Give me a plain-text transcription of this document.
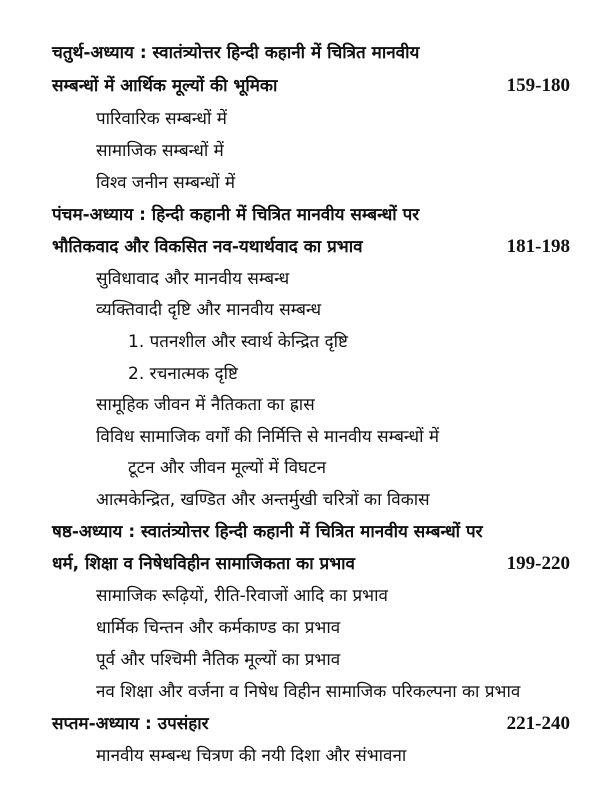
चतुर्थ-अध्याय : स्वातंत्र्योत्तर हिन्दी कहानी में चित्रित मानवीय
सम्बन्धों में आर्थिक मूल्यों की भूमिका	159-180
पारिवारिक सम्बन्धों में
सामाजिक सम्बन्धों में
विश्व जनीन सम्बन्धों में
पंचम-अध्याय : हिन्दी कहानी में चित्रित मानवीय सम्बन्धों पर
भौतिकवाद और विकसित नव-यथार्थवाद का प्रभाव	181-198
सुविधावाद और मानवीय सम्बन्ध
व्यक्तिवादी दृष्टि और मानवीय सम्बन्ध
1. पतनशील और स्वार्थ केन्द्रित दृष्टि
2. रचनात्मक दृष्टि
सामूहिक जीवन में नैतिकता का ह्रास
विविध सामाजिक वर्गों की निर्मित्ति से मानवीय सम्बन्धों में
टूटन और जीवन मूल्यों में विघटन
आत्मकेन्द्रित, खण्डित और अन्तर्मुखी चरित्रों का विकास
षष्ठ-अध्याय : स्वातंत्र्योत्तर हिन्दी कहानी में चित्रित मानवीय सम्बन्धों पर
धर्म, शिक्षा व निषेधविहीन सामाजिकता का प्रभाव	199-220
सामाजिक रूढ़ियों, रीति-रिवाजों आदि का प्रभाव
धार्मिक चिन्तन और कर्मकाण्ड का प्रभाव
पूर्व और पश्चिमी नैतिक मूल्यों का प्रभाव
नव शिक्षा और वर्जना व निषेध विहीन सामाजिक परिकल्पना का प्रभाव
सप्तम-अध्याय : उपसंहार	221-240
मानवीय सम्बन्ध चित्रण की नयी दिशा और संभावना
